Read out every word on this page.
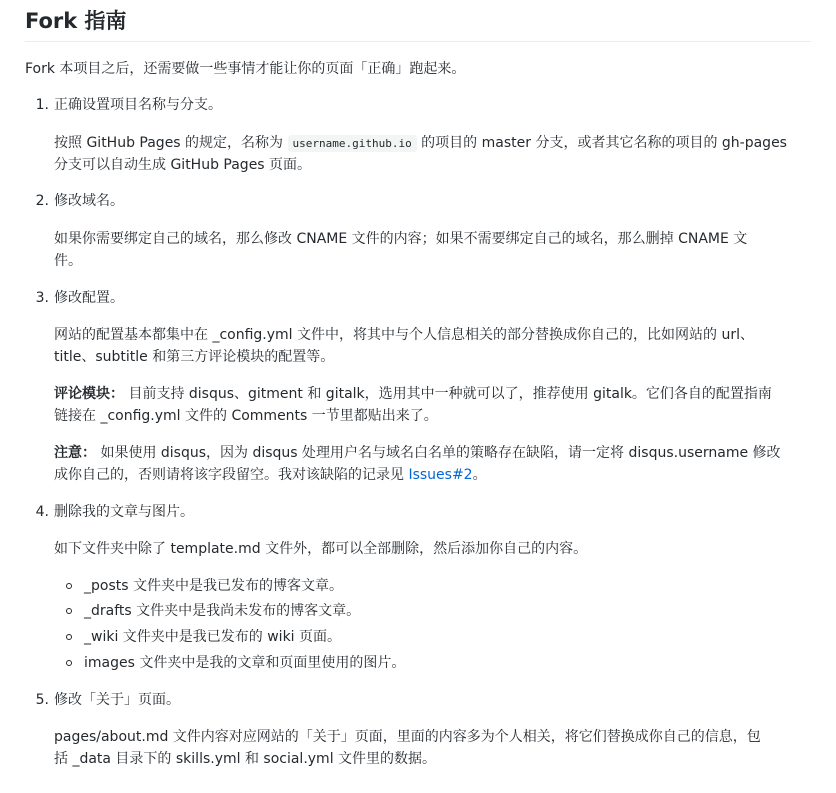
Fork 指南

Fork 本项目之后，还需要做一些事情才能让你的页面「正确」跑起来。

1. 正确设置项目名称与分支。

按照 GitHub Pages 的规定，名称为 username.github.io 的项目的 master 分支，或者其它名称的项目的 gh-pages

分支可以自动生成 GitHub Pages 页面。

2. 修改域名。

如果你需要绑定自己的域名，那么修改 CNAME 文件的内容；如果不需要绑定自己的域名，那么删掉 CNAME 文

件。

3. 修改配置。

网站的配置基本都集中在 _config.yml 文件中，将其中与个人信息相关的部分替换成你自己的，比如网站的 url、

title、subtitle 和第三方评论模块的配置等。

评论模块： 目前支持 disqus、gitment 和 gitalk，选用其中一种就可以了，推荐使用 gitalk。它们各自的配置指南

链接在 _config.yml 文件的 Comments 一节里都贴出来了。

注意： 如果使用 disqus，因为 disqus 处理用户名与域名白名单的策略存在缺陷，请一定将 disqus.username 修改

成你自己的，否则请将该字段留空。我对该缺陷的记录见 Issues#2。

4. 删除我的文章与图片。

如下文件夹中除了 template.md 文件外，都可以全部删除，然后添加你自己的内容。

_posts 文件夹中是我已发布的博客文章。

_drafts 文件夹中是我尚未发布的博客文章。

_wiki 文件夹中是我已发布的 wiki 页面。

images 文件夹中是我的文章和页面里使用的图片。

5. 修改「关于」页面。

pages/about.md 文件内容对应网站的「关于」页面，里面的内容多为个人相关，将它们替换成你自己的信息，包

括 _data 目录下的 skills.yml 和 social.yml 文件里的数据。
